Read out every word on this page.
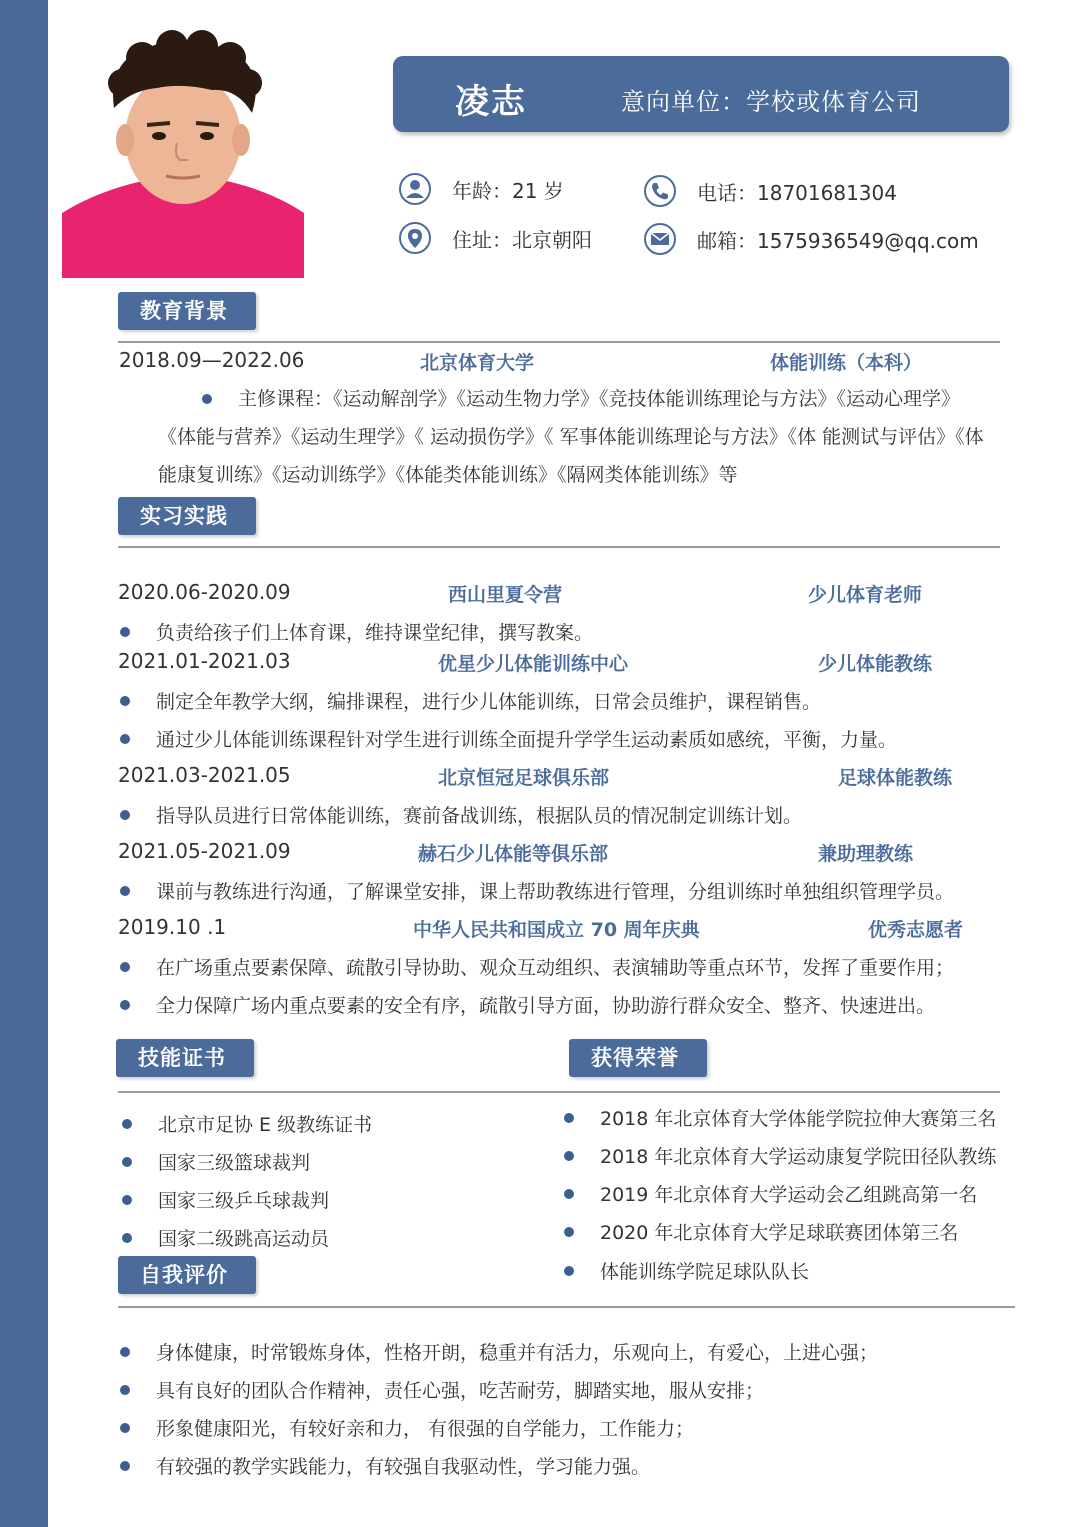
凌志	意向单位：学校或体育公司
年龄：21 岁
住址：北京朝阳
电话：18701681304
邮箱：1575936549@qq.com
教育背景
2018.09—2022.06	北京体育大学	体能训练（本科）
主修课程：《运动解剖学》《运动生物力学》《竞技体能训练理论与方法》《运动心理学》《体能与营养》《运动生理学》《 运动损伤学》《 军事体能训练理论与方法》《体 能测试与评估》《体能康复训练》《运动训练学》《体能类体能训练》《隔网类体能训练》等
实习实践
2020.06-2020.09	西山里夏令营	少儿体育老师
负责给孩子们上体育课，维持课堂纪律，撰写教案。
2021.01-2021.03	优星少儿体能训练中心	少儿体能教练
制定全年教学大纲，编排课程，进行少儿体能训练，日常会员维护，课程销售。
通过少儿体能训练课程针对学生进行训练全面提升学学生运动素质如感统，平衡，力量。
2021.03-2021.05	北京恒冠足球俱乐部	足球体能教练
指导队员进行日常体能训练，赛前备战训练，根据队员的情况制定训练计划。
2021.05-2021.09	赫石少儿体能等俱乐部	兼助理教练
课前与教练进行沟通，了解课堂安排，课上帮助教练进行管理，分组训练时单独组织管理学员。
2019.10 .1	中华人民共和国成立 70 周年庆典	优秀志愿者
在广场重点要素保障、疏散引导协助、观众互动组织、表演辅助等重点环节，发挥了重要作用；
全力保障广场内重点要素的安全有序，疏散引导方面，协助游行群众安全、整齐、快速进出。
技能证书	获得荣誉
北京市足协 E 级教练证书
国家三级篮球裁判
国家三级乒乓球裁判
国家二级跳高运动员
2018 年北京体育大学体能学院拉伸大赛第三名
2018 年北京体育大学运动康复学院田径队教练
2019 年北京体育大学运动会乙组跳高第一名
2020 年北京体育大学足球联赛团体第三名
体能训练学院足球队队长
自我评价
身体健康，时常锻炼身体，性格开朗，稳重并有活力，乐观向上，有爱心，上进心强；
具有良好的团队合作精神，责任心强，吃苦耐劳，脚踏实地，服从安排；
形象健康阳光，有较好亲和力， 有很强的自学能力，工作能力；
有较强的教学实践能力，有较强自我驱动性，学习能力强。
